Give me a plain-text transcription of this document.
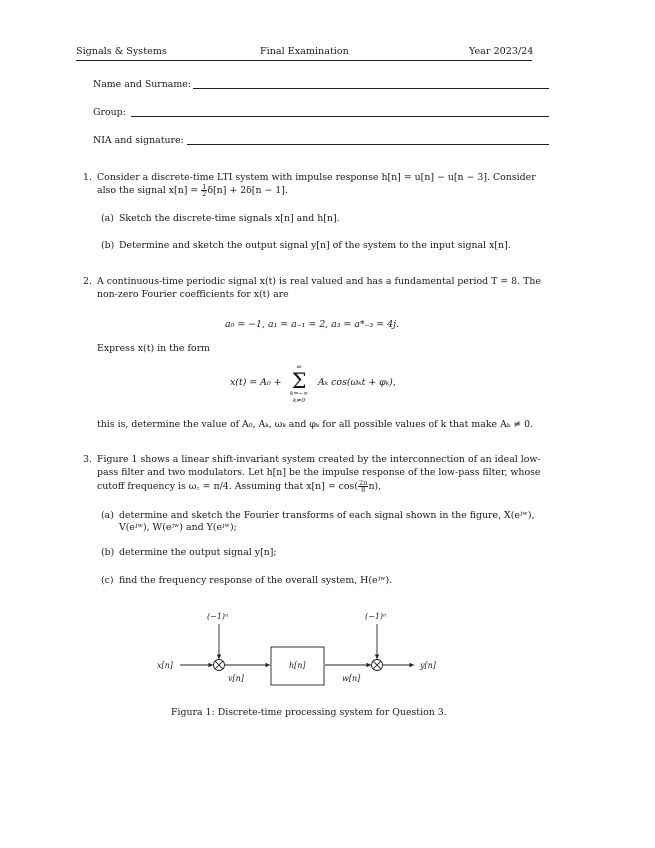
Signals & Systems	Final Examination	Year 2023/24
Name and Surname:
Group:
NIA and signature:
1. Consider a discrete-time LTI system with impulse response h[n] = u[n] − u[n − 3]. Consider
also the signal $x[n] = \frac{1}{2} \delta[n] + 2\delta[n - 1]$.
(a) Sketch the discrete-time signals x[n] and h[n].
(b) Determine and sketch the output signal y[n] of the system to the input signal x[n].
2. A continuous-time periodic signal x(t) is real valued and has a fundamental period T = 8. The
non-zero Fourier coefficients for x(t) are
a₀ = −1, a₁ = a₋₁ = 2, a₃ = a*₋₃ = 4j.
Express x(t) in the form
x(t) = A₀ +
∞
Σ
k=−∞
k≠0
Aₖ cos(ωₖt + φₖ),
this is, determine the value of A₀, Aₖ, ωₖ and φₖ for all possible values of k that make Aₖ ≠ 0.
3. Figure 1 shows a linear shift-invariant system created by the interconnection of an ideal low-
pass filter and two modulators. Let h[n] be the impulse response of the low-pass filter, whose
cutoff frequency is ω꜀ = π/4. Assuming that $x[n] = \cos( \frac{2\pi}{8} n)$,
(a) determine and sketch the Fourier transforms of each signal shown in the figure, X(eʲʷ),
V(eʲʷ), W(eʲʷ) and Y(eʲʷ);
(b) determine the output signal y[n];
(c) find the frequency response of the overall system, H(eʲʷ).
(−1)ⁿ	(−1)ⁿ
x[n]
v[n]
h[n]
w[n]
y[n]
Figura 1: Discrete-time processing system for Question 3.
